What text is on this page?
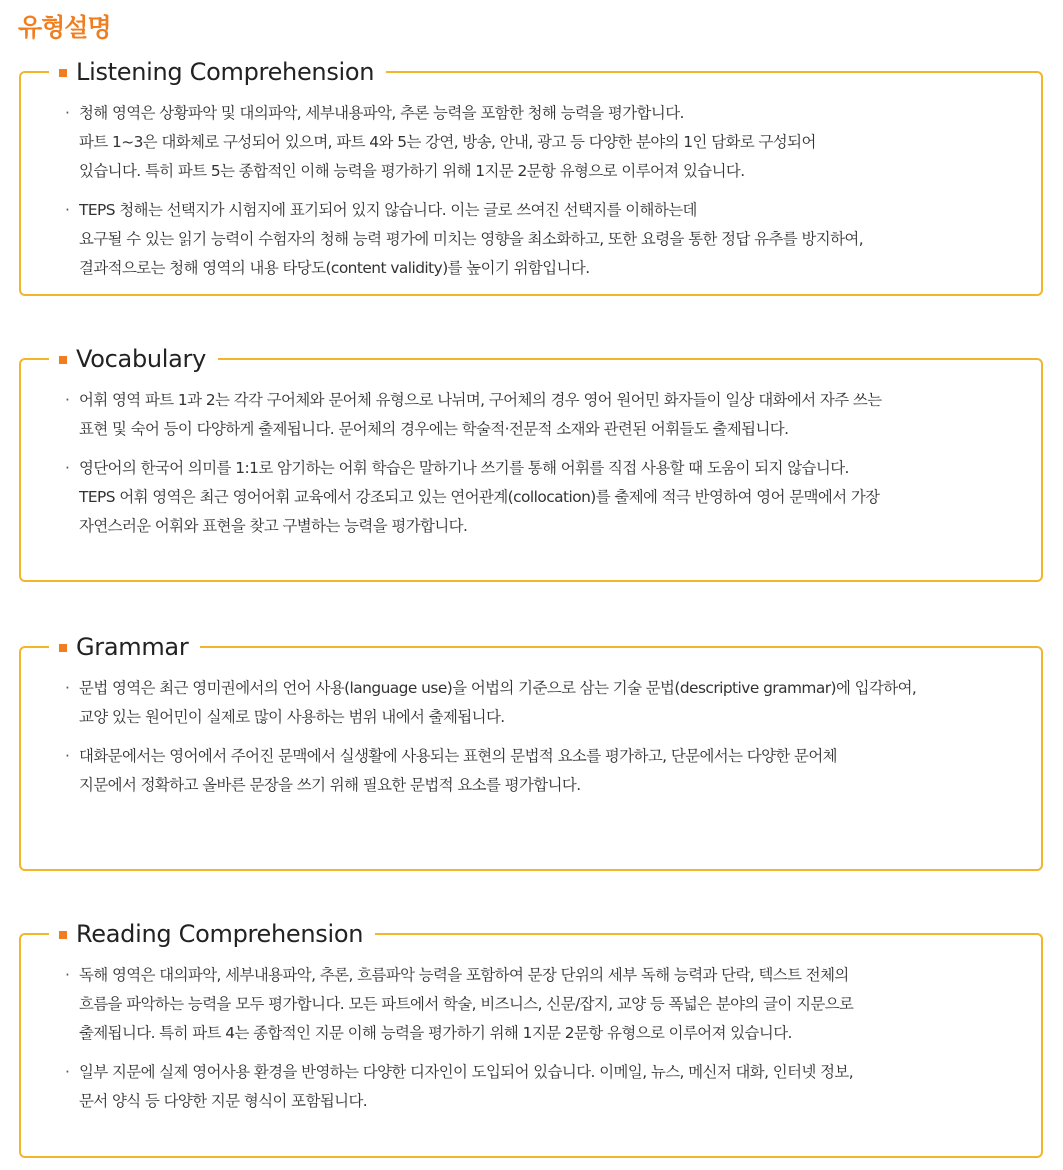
유형설명
Listening Comprehension
· 청해 영역은 상황파악 및 대의파악, 세부내용파악, 추론 능력을 포함한 청해 능력을 평가합니다.
파트 1~3은 대화체로 구성되어 있으며, 파트 4와 5는 강연, 방송, 안내, 광고 등 다양한 분야의 1인 담화로 구성되어
있습니다. 특히 파트 5는 종합적인 이해 능력을 평가하기 위해 1지문 2문항 유형으로 이루어져 있습니다.
· TEPS 청해는 선택지가 시험지에 표기되어 있지 않습니다. 이는 글로 쓰여진 선택지를 이해하는데
요구될 수 있는 읽기 능력이 수험자의 청해 능력 평가에 미치는 영향을 최소화하고, 또한 요령을 통한 정답 유추를 방지하여,
결과적으로는 청해 영역의 내용 타당도(content validity)를 높이기 위함입니다.
Vocabulary
· 어휘 영역 파트 1과 2는 각각 구어체와 문어체 유형으로 나뉘며, 구어체의 경우 영어 원어민 화자들이 일상 대화에서 자주 쓰는
표현 및 숙어 등이 다양하게 출제됩니다. 문어체의 경우에는 학술적·전문적 소재와 관련된 어휘들도 출제됩니다.
· 영단어의 한국어 의미를 1:1로 암기하는 어휘 학습은 말하기나 쓰기를 통해 어휘를 직접 사용할 때 도움이 되지 않습니다.
TEPS 어휘 영역은 최근 영어어휘 교육에서 강조되고 있는 연어관계(collocation)를 출제에 적극 반영하여 영어 문맥에서 가장
자연스러운 어휘와 표현을 찾고 구별하는 능력을 평가합니다.
Grammar
· 문법 영역은 최근 영미권에서의 언어 사용(language use)을 어법의 기준으로 삼는 기술 문법(descriptive grammar)에 입각하여,
교양 있는 원어민이 실제로 많이 사용하는 범위 내에서 출제됩니다.
· 대화문에서는 영어에서 주어진 문맥에서 실생활에 사용되는 표현의 문법적 요소를 평가하고, 단문에서는 다양한 문어체
지문에서 정확하고 올바른 문장을 쓰기 위해 필요한 문법적 요소를 평가합니다.
Reading Comprehension
· 독해 영역은 대의파악, 세부내용파악, 추론, 흐름파악 능력을 포함하여 문장 단위의 세부 독해 능력과 단락, 텍스트 전체의
흐름을 파악하는 능력을 모두 평가합니다. 모든 파트에서 학술, 비즈니스, 신문/잡지, 교양 등 폭넓은 분야의 글이 지문으로
출제됩니다. 특히 파트 4는 종합적인 지문 이해 능력을 평가하기 위해 1지문 2문항 유형으로 이루어져 있습니다.
· 일부 지문에 실제 영어사용 환경을 반영하는 다양한 디자인이 도입되어 있습니다. 이메일, 뉴스, 메신저 대화, 인터넷 정보,
문서 양식 등 다양한 지문 형식이 포함됩니다.
